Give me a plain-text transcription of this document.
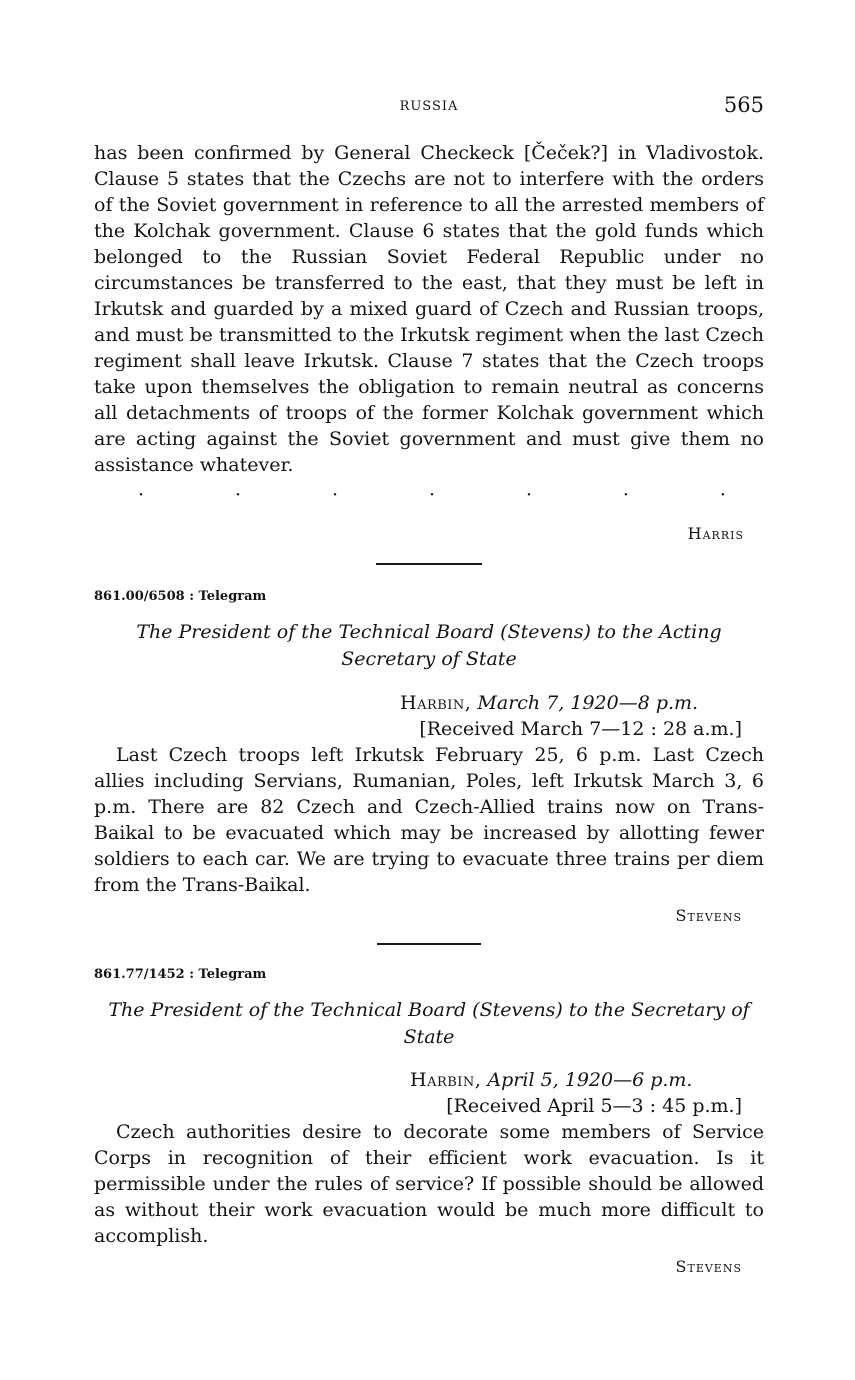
RUSSIA	565

has been confirmed by General Checkeck [Čeček?] in Vladivostok. Clause 5 states that the Czechs are not to interfere with the orders of the Soviet government in reference to all the arrested members of the Kolchak government. Clause 6 states that the gold funds which belonged to the Russian Soviet Federal Republic under no circumstances be transferred to the east, that they must be left in Irkutsk and guarded by a mixed guard of Czech and Russian troops, and must be transmitted to the Irkutsk regiment when the last Czech regiment shall leave Irkutsk. Clause 7 states that the Czech troops take upon themselves the obligation to remain neutral as concerns all detachments of troops of the former Kolchak government which are acting against the Soviet government and must give them no assistance whatever.

·	·	·	·	·	·	·
Harris
861.00/6508 : Telegram
The President of the Technical Board (Stevens) to the Acting Secretary of State
Harbin, March 7, 1920—8 p.m.
[Received March 7—12 : 28 a.m.]

Last Czech troops left Irkutsk February 25, 6 p.m. Last Czech allies including Servians, Rumanian, Poles, left Irkutsk March 3, 6 p.m. There are 82 Czech and Czech-Allied trains now on Trans-Baikal to be evacuated which may be increased by allotting fewer soldiers to each car. We are trying to evacuate three trains per diem from the Trans-Baikal.

Stevens
861.77/1452 : Telegram
The President of the Technical Board (Stevens) to the Secretary of State
Harbin, April 5, 1920—6 p.m.
[Received April 5—3 : 45 p.m.]

Czech authorities desire to decorate some members of Service Corps in recognition of their efficient work evacuation. Is it permissible under the rules of service? If possible should be allowed as without their work evacuation would be much more difficult to accomplish.

Stevens
